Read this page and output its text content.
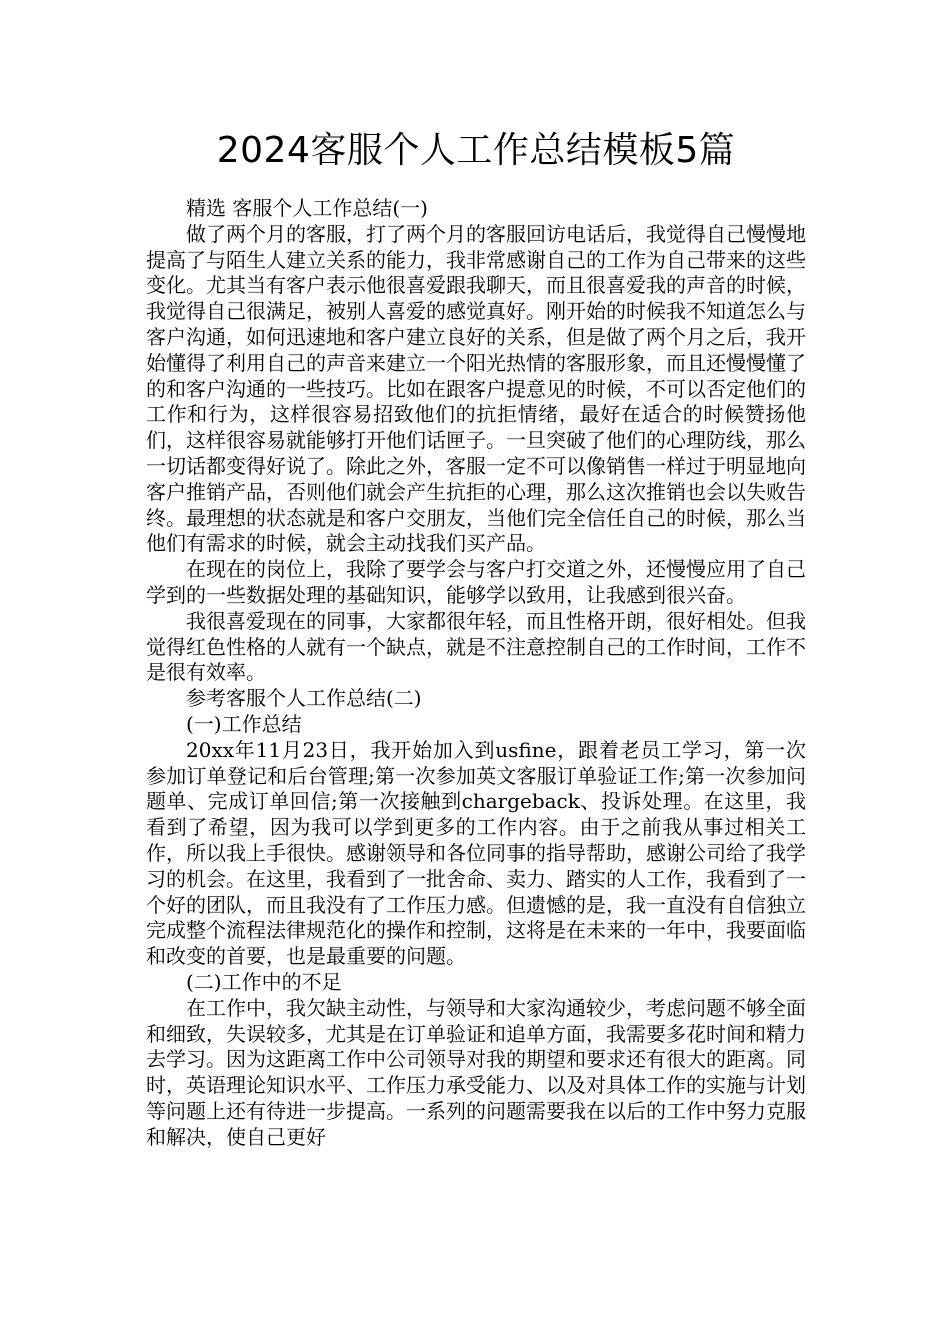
2024客服个人工作总结模板5篇

精选 客服个人工作总结(一)

做了两个月的客服，打了两个月的客服回访电话后，我觉得自己慢慢地提高了与陌生人建立关系的能力，我非常感谢自己的工作为自己带来的这些变化。尤其当有客户表示他很喜爱跟我聊天，而且很喜爱我的声音的时候，我觉得自己很满足，被别人喜爱的感觉真好。刚开始的时候我不知道怎么与客户沟通，如何迅速地和客户建立良好的关系，但是做了两个月之后，我开始懂得了利用自己的声音来建立一个阳光热情的客服形象，而且还慢慢懂了的和客户沟通的一些技巧。比如在跟客户提意见的时候，不可以否定他们的工作和行为，这样很容易招致他们的抗拒情绪，最好在适合的时候赞扬他们，这样很容易就能够打开他们话匣子。一旦突破了他们的心理防线，那么一切话都变得好说了。除此之外，客服一定不可以像销售一样过于明显地向客户推销产品，否则他们就会产生抗拒的心理，那么这次推销也会以失败告终。最理想的状态就是和客户交朋友，当他们完全信任自己的时候，那么当他们有需求的时候，就会主动找我们买产品。

在现在的岗位上，我除了要学会与客户打交道之外，还慢慢应用了自己学到的一些数据处理的基础知识，能够学以致用，让我感到很兴奋。

我很喜爱现在的同事，大家都很年轻，而且性格开朗，很好相处。但我觉得红色性格的人就有一个缺点，就是不注意控制自己的工作时间，工作不是很有效率。

参考客服个人工作总结(二)

(一)工作总结

20xx年11月23日，我开始加入到usfine，跟着老员工学习，第一次参加订单登记和后台管理;第一次参加英文客服订单验证工作;第一次参加问题单、完成订单回信;第一次接触到chargeback、投诉处理。在这里，我看到了希望，因为我可以学到更多的工作内容。由于之前我从事过相关工作，所以我上手很快。感谢领导和各位同事的指导帮助，感谢公司给了我学习的机会。在这里，我看到了一批舍命、卖力、踏实的人工作，我看到了一个好的团队，而且我没有了工作压力感。但遗憾的是，我一直没有自信独立完成整个流程法律规范化的操作和控制，这将是在未来的一年中，我要面临和改变的首要，也是最重要的问题。

(二)工作中的不足

在工作中，我欠缺主动性，与领导和大家沟通较少，考虑问题不够全面和细致，失误较多，尤其是在订单验证和追单方面，我需要多花时间和精力去学习。因为这距离工作中公司领导对我的期望和要求还有很大的距离。同时，英语理论知识水平、工作压力承受能力、以及对具体工作的实施与计划等问题上还有待进一步提高。一系列的问题需要我在以后的工作中努力克服和解决，使自己更好
